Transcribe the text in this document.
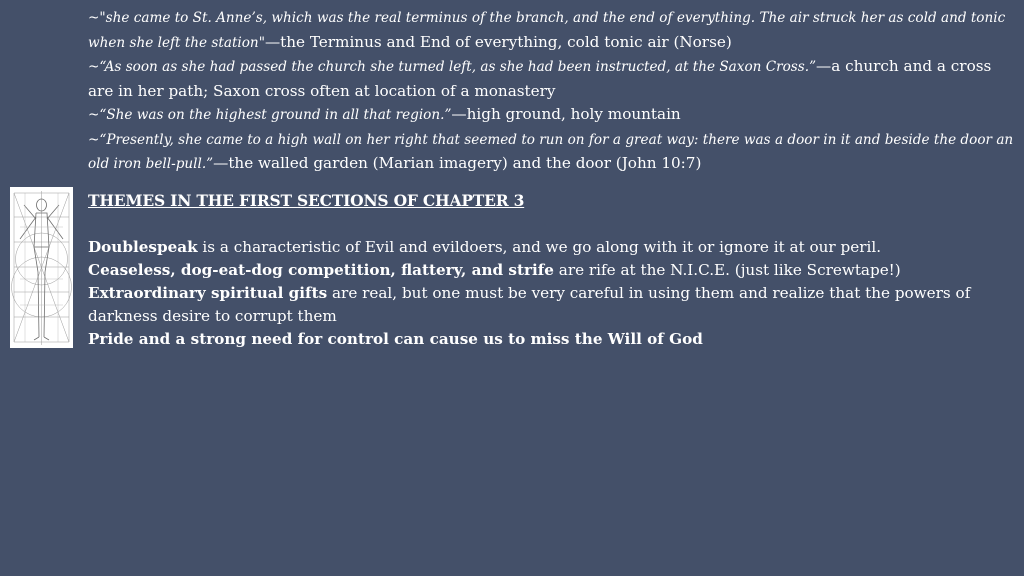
~"she came to St. Anne’s, which was the real terminus of the branch, and the end of everything. The air struck her as cold and tonic when she left the station"—the Terminus and End of everything, cold tonic air (Norse)

~“As soon as she had passed the church she turned left, as she had been instructed, at the Saxon Cross.”—a church and a cross are in her path; Saxon cross often at location of a monastery

~“She was on the highest ground in all that region.”—high ground, holy mountain

~“Presently, she came to a high wall on her right that seemed to run on for a great way: there was a door in it and beside the door an old iron bell-pull.”—the walled garden (Marian imagery) and the door (John 10:7)

THEMES IN THE FIRST SECTIONS OF CHAPTER 3

Doublespeak is a characteristic of Evil and evildoers, and we go along with it or ignore it at our peril.

Ceaseless, dog-eat-dog competition, flattery, and strife are rife at the N.I.C.E. (just like Screwtape!)

Extraordinary spiritual gifts are real, but one must be very careful in using them and realize that the powers of darkness desire to corrupt them

Pride and a strong need for control can cause us to miss the Will of God
